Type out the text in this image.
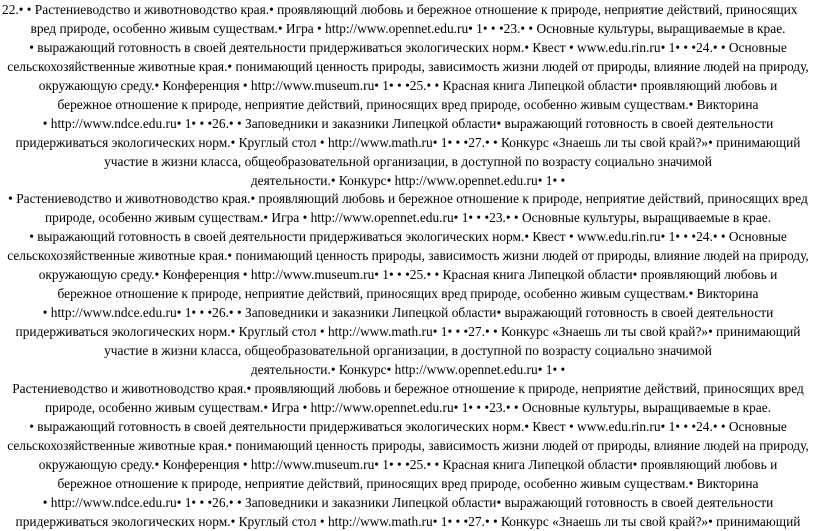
22.• • Растениеводство и животноводство края.• проявляющий любовь и бережное отношение к природе, неприятие действий, приносящих
вред природе, особенно живым существам.• Игра • http://www.opennet.edu.ru• 1• • •23.• • Основные культуры, выращиваемые в крае.
• выражающий готовность в своей деятельности придерживаться экологических норм.• Квест • www.edu.rin.ru• 1• • •24.• • Основные
сельскохозяйственные животные края.• понимающий ценность природы, зависимость жизни людей от природы, влияние людей на природу,
окружающую среду.• Конференция • http://www.museum.ru• 1• • •25.• • Красная книга Липецкой области• проявляющий любовь и
бережное отношение к природе, неприятие действий, приносящих вред природе, особенно живым существам.• Викторина
• http://www.ndce.edu.ru• 1• • •26.• • Заповедники и заказники Липецкой области• выражающий готовность в своей деятельности
придерживаться экологических норм.• Круглый стол • http://www.math.ru• 1• • •27.• • Конкурс «Знаешь ли ты свой край?»• принимающий
участие в жизни класса, общеобразовательной организации, в доступной по возрасту социально значимой
деятельности.• Конкурс• http://www.opennet.edu.ru• 1• •
• Растениеводство и животноводство края.• проявляющий любовь и бережное отношение к природе, неприятие действий, приносящих вред
природе, особенно живым существам.• Игра • http://www.opennet.edu.ru• 1• • •23.• • Основные культуры, выращиваемые в крае.
• выражающий готовность в своей деятельности придерживаться экологических норм.• Квест • www.edu.rin.ru• 1• • •24.• • Основные
сельскохозяйственные животные края.• понимающий ценность природы, зависимость жизни людей от природы, влияние людей на природу,
окружающую среду.• Конференция • http://www.museum.ru• 1• • •25.• • Красная книга Липецкой области• проявляющий любовь и
бережное отношение к природе, неприятие действий, приносящих вред природе, особенно живым существам.• Викторина
• http://www.ndce.edu.ru• 1• • •26.• • Заповедники и заказники Липецкой области• выражающий готовность в своей деятельности
придерживаться экологических норм.• Круглый стол • http://www.math.ru• 1• • •27.• • Конкурс «Знаешь ли ты свой край?»• принимающий
участие в жизни класса, общеобразовательной организации, в доступной по возрасту социально значимой
деятельности.• Конкурс• http://www.opennet.edu.ru• 1• •
Растениеводство и животноводство края.• проявляющий любовь и бережное отношение к природе, неприятие действий, приносящих вред
природе, особенно живым существам.• Игра • http://www.opennet.edu.ru• 1• • •23.• • Основные культуры, выращиваемые в крае.
• выражающий готовность в своей деятельности придерживаться экологических норм.• Квест • www.edu.rin.ru• 1• • •24.• • Основные
сельскохозяйственные животные края.• понимающий ценность природы, зависимость жизни людей от природы, влияние людей на природу,
окружающую среду.• Конференция • http://www.museum.ru• 1• • •25.• • Красная книга Липецкой области• проявляющий любовь и
бережное отношение к природе, неприятие действий, приносящих вред природе, особенно живым существам.• Викторина
• http://www.ndce.edu.ru• 1• • •26.• • Заповедники и заказники Липецкой области• выражающий готовность в своей деятельности
придерживаться экологических норм.• Круглый стол • http://www.math.ru• 1• • •27.• • Конкурс «Знаешь ли ты свой край?»• принимающий
